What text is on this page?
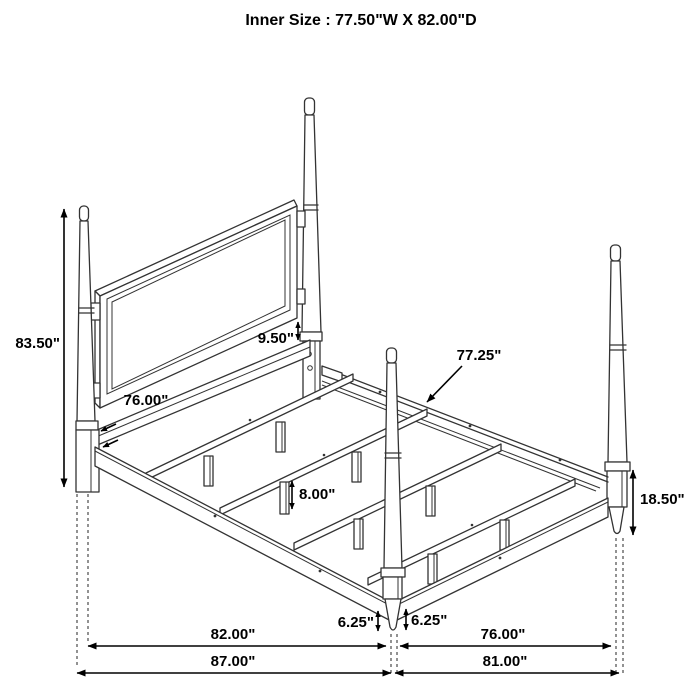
Inner Size : 77.50"W X 82.00"D
83.50"	9.50"
77.25"
76.00"
8.00"	18.50"
6.25" 6.25"
82.00"
87.00"
76.00"
81.00"
